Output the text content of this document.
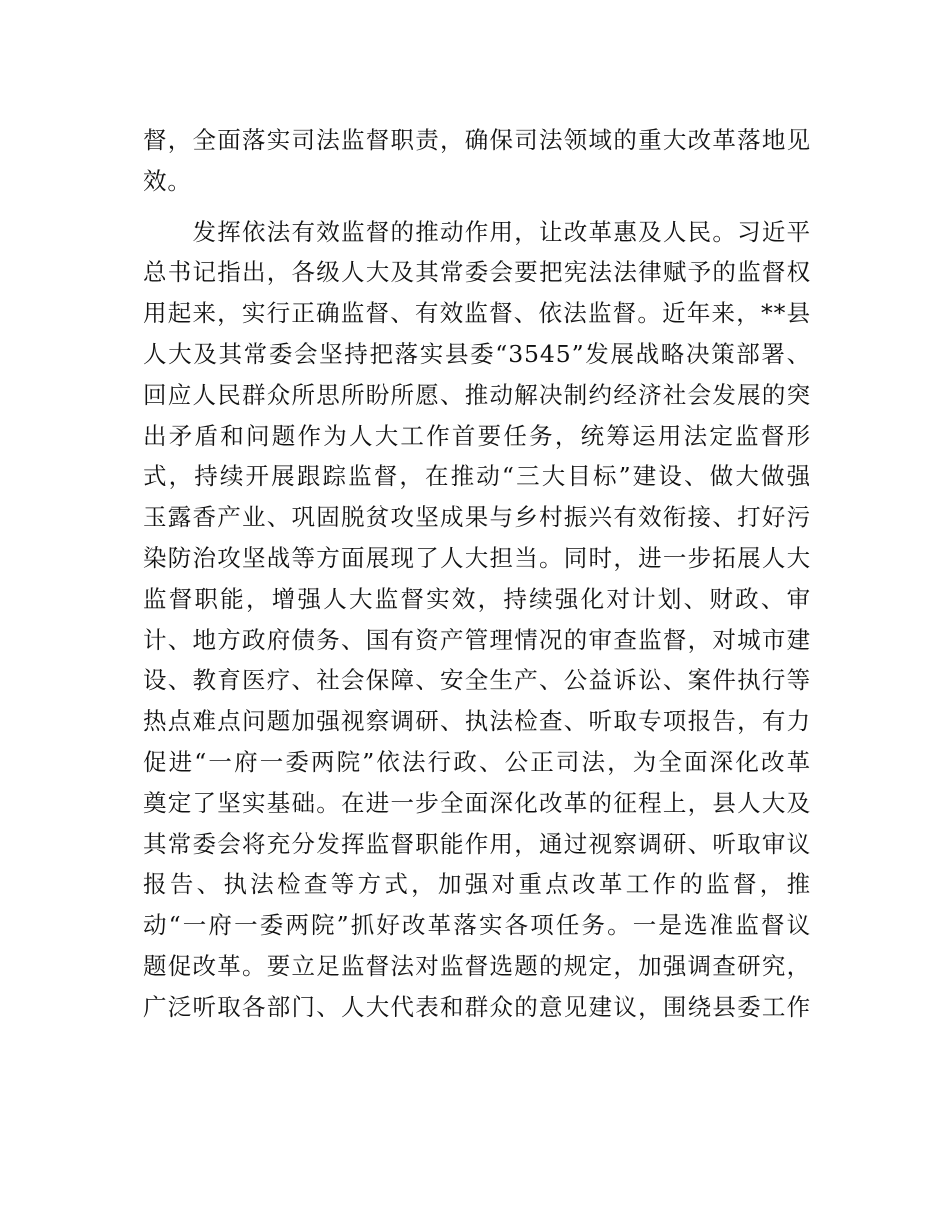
督，全面落实司法监督职责，确保司法领域的重大改革落地见
效。
　　发挥依法有效监督的推动作用，让改革惠及人民。习近平
总书记指出，各级人大及其常委会要把宪法法律赋予的监督权
用起来，实行正确监督、有效监督、依法监督。近年来，**县
人大及其常委会坚持把落实县委“3545”发展战略决策部署、
回应人民群众所思所盼所愿、推动解决制约经济社会发展的突
出矛盾和问题作为人大工作首要任务，统筹运用法定监督形
式，持续开展跟踪监督，在推动“三大目标”建设、做大做强
玉露香产业、巩固脱贫攻坚成果与乡村振兴有效衔接、打好污
染防治攻坚战等方面展现了人大担当。同时，进一步拓展人大
监督职能，增强人大监督实效，持续强化对计划、财政、审
计、地方政府债务、国有资产管理情况的审查监督，对城市建
设、教育医疗、社会保障、安全生产、公益诉讼、案件执行等
热点难点问题加强视察调研、执法检查、听取专项报告，有力
促进“一府一委两院”依法行政、公正司法，为全面深化改革
奠定了坚实基础。在进一步全面深化改革的征程上，县人大及
其常委会将充分发挥监督职能作用，通过视察调研、听取审议
报告、执法检查等方式，加强对重点改革工作的监督，推
动“一府一委两院”抓好改革落实各项任务。一是选准监督议
题促改革。要立足监督法对监督选题的规定，加强调查研究，
广泛听取各部门、人大代表和群众的意见建议，围绕县委工作
